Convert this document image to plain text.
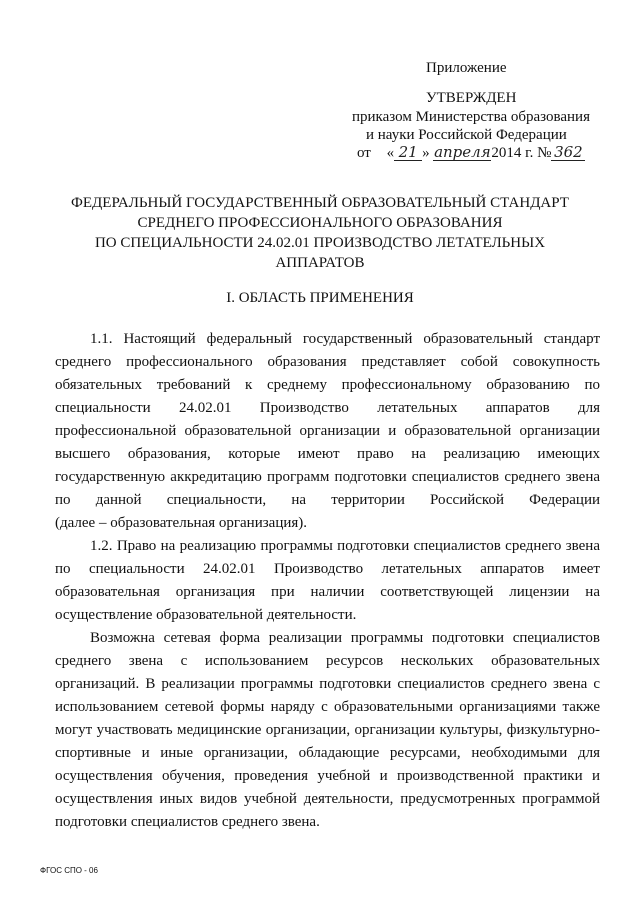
Приложение
УТВЕРЖДЕН
приказом Министерства образования
и науки Российской Федерации
от « 21 » апреля2014 г. № 362
ФЕДЕРАЛЬНЫЙ ГОСУДАРСТВЕННЫЙ ОБРАЗОВАТЕЛЬНЫЙ СТАНДАРТ
СРЕДНЕГО ПРОФЕССИОНАЛЬНОГО ОБРАЗОВАНИЯ
ПО СПЕЦИАЛЬНОСТИ 24.02.01 ПРОИЗВОДСТВО ЛЕТАТЕЛЬНЫХ
АППАРАТОВ
I. ОБЛАСТЬ ПРИМЕНЕНИЯ
1.1. Настоящий федеральный государственный образовательный стандарт
среднего профессионального образования представляет собой совокупность
обязательных требований к среднему профессиональному образованию по
специальности 24.02.01 Производство летательных аппаратов для
профессиональной образовательной организации и образовательной организации
высшего образования, которые имеют право на реализацию имеющих
государственную аккредитацию программ подготовки специалистов среднего звена
по данной специальности, на территории Российской Федерации
(далее – образовательная организация).
1.2. Право на реализацию программы подготовки специалистов среднего звена
по специальности 24.02.01 Производство летательных аппаратов имеет
образовательная организация при наличии соответствующей лицензии на
осуществление образовательной деятельности.
Возможна сетевая форма реализации программы подготовки специалистов
среднего звена с использованием ресурсов нескольких образовательных
организаций. В реализации программы подготовки специалистов среднего звена с
использованием сетевой формы наряду с образовательными организациями также
могут участвовать медицинские организации, организации культуры, физкультурно-
спортивные и иные организации, обладающие ресурсами, необходимыми для
осуществления обучения, проведения учебной и производственной практики и
осуществления иных видов учебной деятельности, предусмотренных программой
подготовки специалистов среднего звена.
ФГОС СПО - 06
